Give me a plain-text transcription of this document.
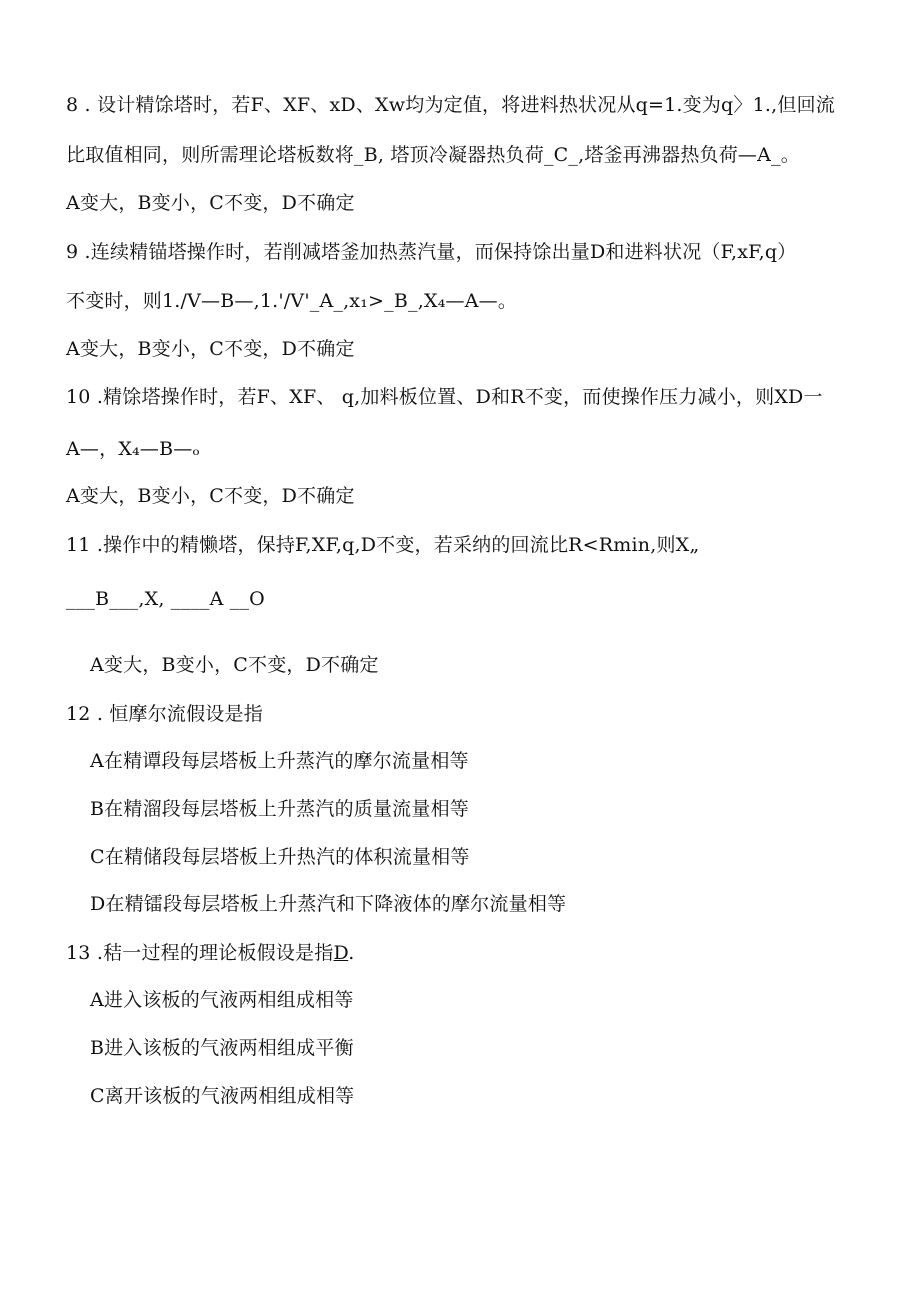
8 . 设计精馀塔时，若F、XF、xD、Xw均为定值，将进料热状况从q=1.变为q〉1.,但回流
比取值相同，则所需理论塔板数将_B, 塔顶冷凝器热负荷_C_,塔釜再沸器热负荷—A_。
A变大，B变小，C不变，D不确定
9 .连续精锚塔操作时，若削减塔釜加热蒸汽量，而保持馀出量D和进料状况（F,xF,q）
不变时，则1./V—B—,1.'/V'_A_,x₁>_B_,X₄—A—。
A变大，B变小，C不变，D不确定
10 .精馀塔操作时，若F、XF、 q,加料板位置、D和R不变，而使操作压力减小，则XD一
A—，X₄—B—ₒ
A变大，B变小，C不变，D不确定
11 .操作中的精懒塔，保持F,XF,q,D不变，若采纳的回流比R<Rmin,则X„
___B___,X, ____A __O
A变大，B变小，C不变，D不确定
12 . 恒摩尔流假设是指
A在精谭段每层塔板上升蒸汽的摩尔流量相等
B在精溜段每层塔板上升蒸汽的质量流量相等
C在精储段每层塔板上升热汽的体积流量相等
D在精镭段每层塔板上升蒸汽和下降液体的摩尔流量相等
13 .秸一过程的理论板假设是指D.
A进入该板的气液两相组成相等
B进入该板的气液两相组成平衡
C离开该板的气液两相组成相等
